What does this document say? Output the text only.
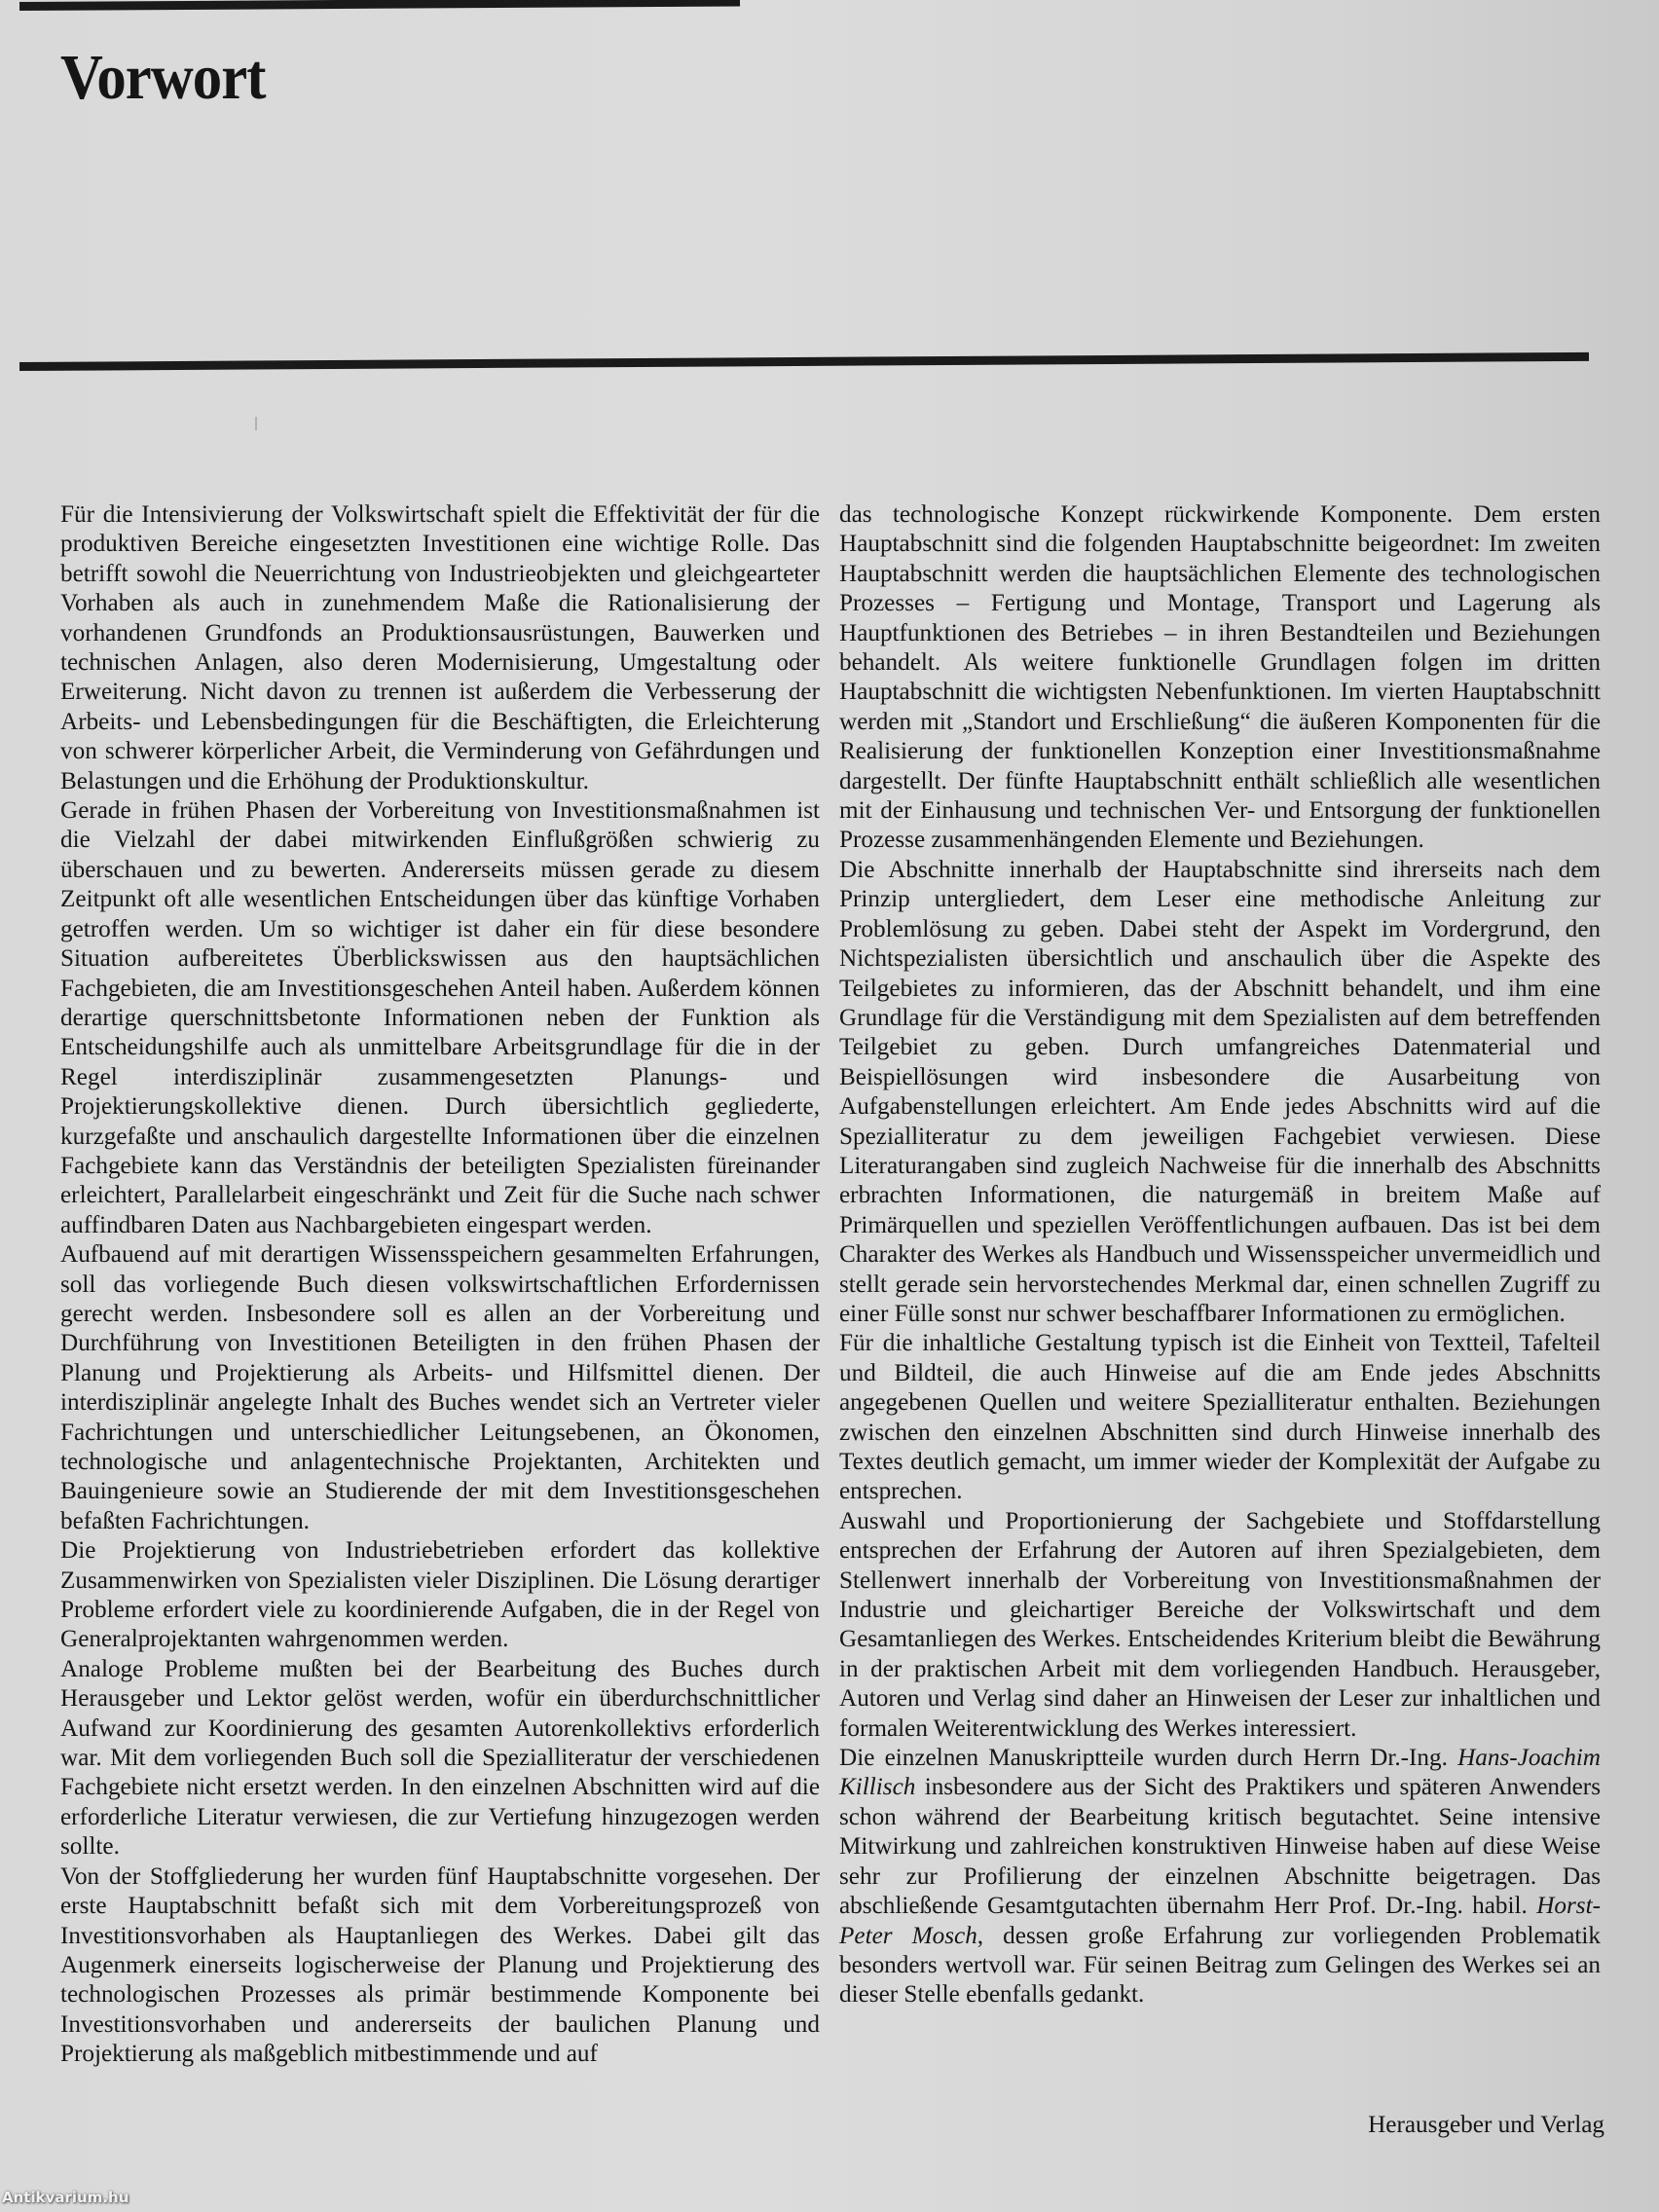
Vorwort

Für die Intensivierung der Volkswirtschaft spielt die Effektivität der für die produktiven Bereiche eingesetzten Investitionen eine wichtige Rolle. Das betrifft sowohl die Neuerrichtung von Industrieobjekten und gleichgearteter Vorhaben als auch in zunehmendem Maße die Rationalisierung der vorhandenen Grundfonds an Produktionsausrüstungen, Bauwerken und technischen Anlagen, also deren Modernisierung, Umgestaltung oder Erweiterung. Nicht davon zu trennen ist außerdem die Verbesserung der Arbeits- und Lebensbedingungen für die Beschäftigten, die Erleichterung von schwerer körperlicher Arbeit, die Verminderung von Gefährdungen und Belastungen und die Erhöhung der Produktionskultur.

Gerade in frühen Phasen der Vorbereitung von Investitionsmaßnahmen ist die Vielzahl der dabei mitwirkenden Einflußgrößen schwierig zu überschauen und zu bewerten. Andererseits müssen gerade zu diesem Zeitpunkt oft alle wesentlichen Entscheidungen über das künftige Vorhaben getroffen werden. Um so wichtiger ist daher ein für diese besondere Situation aufbereitetes Überblickswissen aus den hauptsächlichen Fachgebieten, die am Investitionsgeschehen Anteil haben. Außerdem können derartige querschnittsbetonte Informationen neben der Funktion als Entscheidungshilfe auch als unmittelbare Arbeitsgrundlage für die in der Regel interdisziplinär zusammengesetzten Planungs- und Projektierungskollektive dienen. Durch übersichtlich gegliederte, kurzgefaßte und anschaulich dargestellte Informationen über die einzelnen Fachgebiete kann das Verständnis der beteiligten Spezialisten füreinander erleichtert, Parallelarbeit eingeschränkt und Zeit für die Suche nach schwer auffindbaren Daten aus Nachbargebieten eingespart werden.

Aufbauend auf mit derartigen Wissensspeichern gesammelten Erfahrungen, soll das vorliegende Buch diesen volkswirtschaftlichen Erfordernissen gerecht werden. Insbesondere soll es allen an der Vorbereitung und Durchführung von Investitionen Beteiligten in den frühen Phasen der Planung und Projektierung als Arbeits- und Hilfsmittel dienen. Der interdisziplinär angelegte Inhalt des Buches wendet sich an Vertreter vieler Fachrichtungen und unterschiedlicher Leitungsebenen, an Ökonomen, technologische und anlagentechnische Projektanten, Architekten und Bauingenieure sowie an Studierende der mit dem Investitionsgeschehen befaßten Fachrichtungen.

Die Projektierung von Industriebetrieben erfordert das kollektive Zusammenwirken von Spezialisten vieler Disziplinen. Die Lösung derartiger Probleme erfordert viele zu koordinierende Aufgaben, die in der Regel von Generalprojektanten wahrgenommen werden.

Analoge Probleme mußten bei der Bearbeitung des Buches durch Herausgeber und Lektor gelöst werden, wofür ein überdurchschnittlicher Aufwand zur Koordinierung des gesamten Autorenkollektivs erforderlich war. Mit dem vorliegenden Buch soll die Spezialliteratur der verschiedenen Fachgebiete nicht ersetzt werden. In den einzelnen Abschnitten wird auf die erforderliche Literatur verwiesen, die zur Vertiefung hinzugezogen werden sollte.

Von der Stoffgliederung her wurden fünf Hauptabschnitte vorgesehen. Der erste Hauptabschnitt befaßt sich mit dem Vorbereitungsprozeß von Investitionsvorhaben als Hauptanliegen des Werkes. Dabei gilt das Augenmerk einerseits logischerweise der Planung und Projektierung des technologischen Prozesses als primär bestimmende Komponente bei Investitionsvorhaben und andererseits der baulichen Planung und Projektierung als maßgeblich mitbestimmende und auf

das technologische Konzept rückwirkende Komponente. Dem ersten Hauptabschnitt sind die folgenden Hauptabschnitte beigeordnet: Im zweiten Hauptabschnitt werden die hauptsächlichen Elemente des technologischen Prozesses – Fertigung und Montage, Transport und Lagerung als Hauptfunktionen des Betriebes – in ihren Bestandteilen und Beziehungen behandelt. Als weitere funktionelle Grundlagen folgen im dritten Hauptabschnitt die wichtigsten Nebenfunktionen. Im vierten Hauptabschnitt werden mit „Standort und Erschließung“ die äußeren Komponenten für die Realisierung der funktionellen Konzeption einer Investitionsmaßnahme dargestellt. Der fünfte Hauptabschnitt enthält schließlich alle wesentlichen mit der Einhausung und technischen Ver- und Entsorgung der funktionellen Prozesse zusammenhängenden Elemente und Beziehungen.

Die Abschnitte innerhalb der Hauptabschnitte sind ihrerseits nach dem Prinzip untergliedert, dem Leser eine methodische Anleitung zur Problemlösung zu geben. Dabei steht der Aspekt im Vordergrund, den Nichtspezialisten übersichtlich und anschaulich über die Aspekte des Teilgebietes zu informieren, das der Abschnitt behandelt, und ihm eine Grundlage für die Verständigung mit dem Spezialisten auf dem betreffenden Teilgebiet zu geben. Durch umfangreiches Datenmaterial und Beispiellösungen wird insbesondere die Ausarbeitung von Aufgabenstellungen erleichtert. Am Ende jedes Abschnitts wird auf die Spezialliteratur zu dem jeweiligen Fachgebiet verwiesen. Diese Literaturangaben sind zugleich Nachweise für die innerhalb des Abschnitts erbrachten Informationen, die naturgemäß in breitem Maße auf Primärquellen und speziellen Veröffentlichungen aufbauen. Das ist bei dem Charakter des Werkes als Handbuch und Wissensspeicher unvermeidlich und stellt gerade sein hervorstechendes Merkmal dar, einen schnellen Zugriff zu einer Fülle sonst nur schwer beschaffbarer Informationen zu ermöglichen.

Für die inhaltliche Gestaltung typisch ist die Einheit von Textteil, Tafelteil und Bildteil, die auch Hinweise auf die am Ende jedes Abschnitts angegebenen Quellen und weitere Spezialliteratur enthalten. Beziehungen zwischen den einzelnen Abschnitten sind durch Hinweise innerhalb des Textes deutlich gemacht, um immer wieder der Komplexität der Aufgabe zu entsprechen.

Auswahl und Proportionierung der Sachgebiete und Stoffdarstellung entsprechen der Erfahrung der Autoren auf ihren Spezialgebieten, dem Stellenwert innerhalb der Vorbereitung von Investitionsmaßnahmen der Industrie und gleichartiger Bereiche der Volkswirtschaft und dem Gesamtanliegen des Werkes. Entscheidendes Kriterium bleibt die Bewährung in der praktischen Arbeit mit dem vorliegenden Handbuch. Herausgeber, Autoren und Verlag sind daher an Hinweisen der Leser zur inhaltlichen und formalen Weiterentwicklung des Werkes interessiert.

Die einzelnen Manuskriptteile wurden durch Herrn Dr.-Ing. Hans-Joachim Killisch insbesondere aus der Sicht des Praktikers und späteren Anwenders schon während der Bearbeitung kritisch begutachtet. Seine intensive Mitwirkung und zahlreichen konstruktiven Hinweise haben auf diese Weise sehr zur Profilierung der einzelnen Abschnitte beigetragen. Das abschließende Gesamtgutachten übernahm Herr Prof. Dr.-Ing. habil. Horst-Peter Mosch, dessen große Erfahrung zur vorliegenden Problematik besonders wertvoll war. Für seinen Beitrag zum Gelingen des Werkes sei an dieser Stelle ebenfalls gedankt.

Herausgeber und Verlag
Antikvarium.hu
